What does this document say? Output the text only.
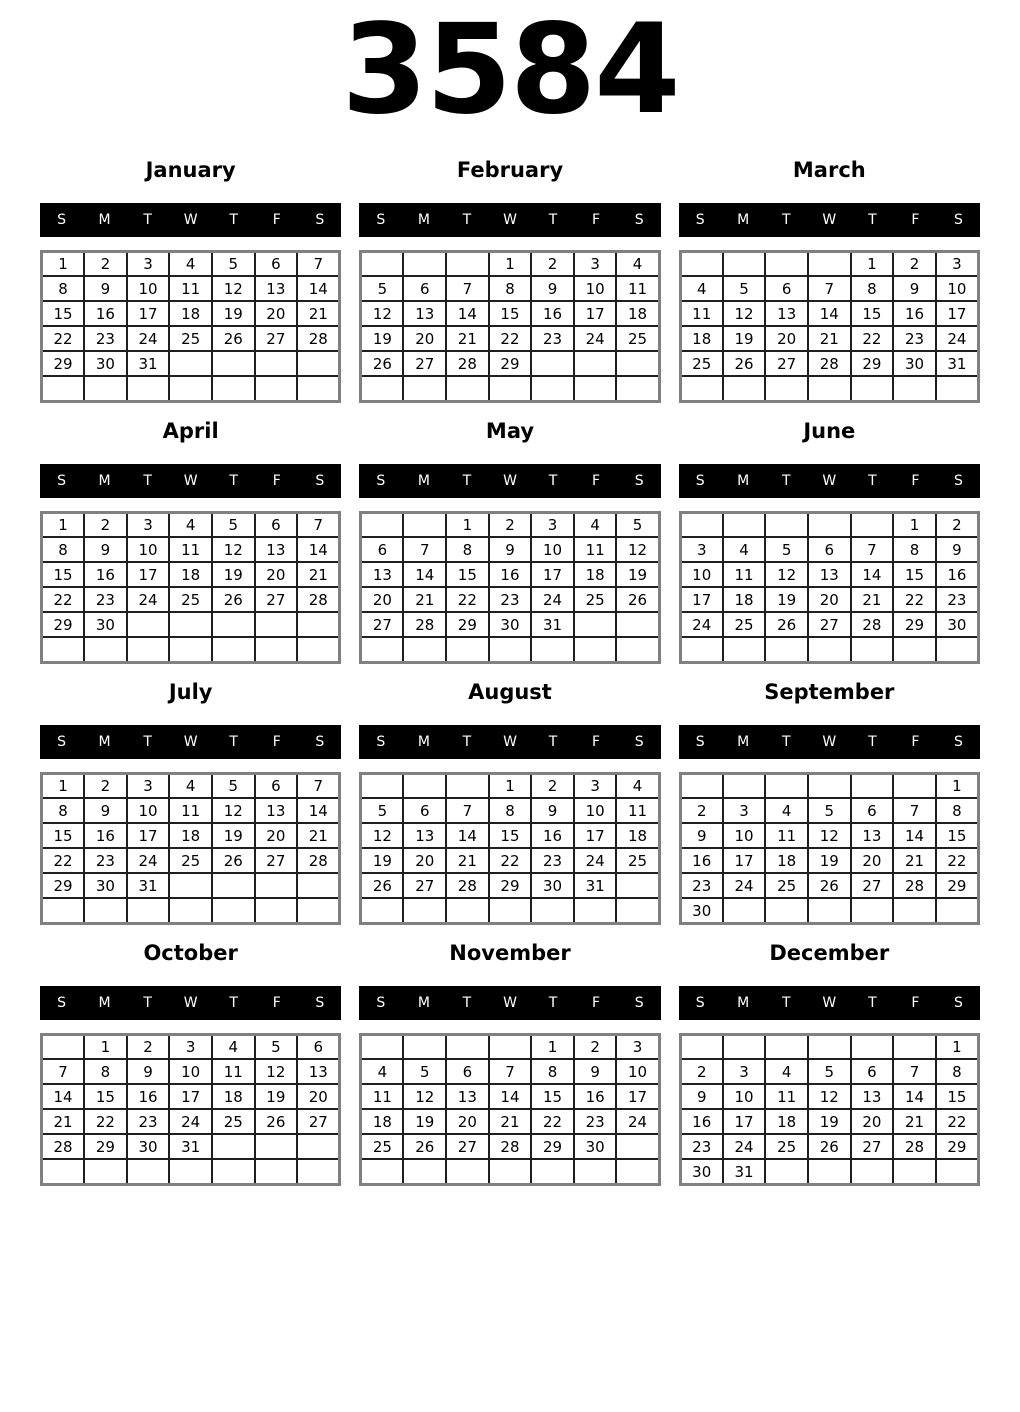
3584
January
S	M	T	W	T	F	S
1	2	3	4	5	6	7
8	9	10	11	12	13	14
15	16	17	18	19	20	21
22	23	24	25	26	27	28
29	30	31				

February
S	M	T	W	T	F	S
			1	2	3	4
5	6	7	8	9	10	11
12	13	14	15	16	17	18
19	20	21	22	23	24	25
26	27	28	29			

March
S	M	T	W	T	F	S
				1	2	3
4	5	6	7	8	9	10
11	12	13	14	15	16	17
18	19	20	21	22	23	24
25	26	27	28	29	30	31

April
S	M	T	W	T	F	S
1	2	3	4	5	6	7
8	9	10	11	12	13	14
15	16	17	18	19	20	21
22	23	24	25	26	27	28
29	30					

May
S	M	T	W	T	F	S
		1	2	3	4	5
6	7	8	9	10	11	12
13	14	15	16	17	18	19
20	21	22	23	24	25	26
27	28	29	30	31		

June
S	M	T	W	T	F	S
					1	2
3	4	5	6	7	8	9
10	11	12	13	14	15	16
17	18	19	20	21	22	23
24	25	26	27	28	29	30

July
S	M	T	W	T	F	S
1	2	3	4	5	6	7
8	9	10	11	12	13	14
15	16	17	18	19	20	21
22	23	24	25	26	27	28
29	30	31				

August
S	M	T	W	T	F	S
			1	2	3	4
5	6	7	8	9	10	11
12	13	14	15	16	17	18
19	20	21	22	23	24	25
26	27	28	29	30	31	

September
S	M	T	W	T	F	S
						1
2	3	4	5	6	7	8
9	10	11	12	13	14	15
16	17	18	19	20	21	22
23	24	25	26	27	28	29
30						
October
S	M	T	W	T	F	S
	1	2	3	4	5	6
7	8	9	10	11	12	13
14	15	16	17	18	19	20
21	22	23	24	25	26	27
28	29	30	31			

November
S	M	T	W	T	F	S
				1	2	3
4	5	6	7	8	9	10
11	12	13	14	15	16	17
18	19	20	21	22	23	24
25	26	27	28	29	30	

December
S	M	T	W	T	F	S
						1
2	3	4	5	6	7	8
9	10	11	12	13	14	15
16	17	18	19	20	21	22
23	24	25	26	27	28	29
30	31					
